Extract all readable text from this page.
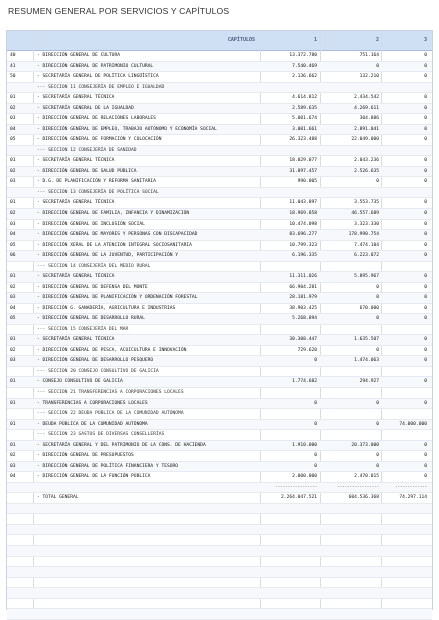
RESUMEN GENERAL POR SERVICIOS Y CAPÍTULOS
CAPÍTULOS	1	2	3
40	- DIRECCIÓN GENERAL DE CULTURA	13.372.780	751.164	0
41	- DIRECCIÓN GENERAL DE PATRIMONIO CULTURAL	7.540.469	0	0
50	- SECRETARÍA GENERAL DE POLÍTICA LINGÜÍSTICA	2.136.662	132.210	0
--- SECCION 11 CONSEJERÍA DE EMPLEO E IGUALDAD
01	- SECRETARÍA GENERAL TÉCNICA	4.614.812	2.434.542	0
02	- SECRETARÍA GENERAL DE LA IGUALDAD	2.589.635	4.269.611	0
03	- DIRECCIÓN GENERAL DE RELACIONES LABORALES	5.001.674	304.886	0
04	- DIRECCIÓN GENERAL DE EMPLEO, TRABAJO AUTÓNOMO Y ECONOMÍA SOCIAL	3.001.661	2.891.041	0
05	- DIRECCIÓN GENERAL DE FORMACIÓN Y COLOCACIÓN	26.323.488	22.049.000	0
--- SECCION 12 CONSEJERÍA DE SANIDAD
01	- SECRETARÍA GENERAL TÉCNICA	18.029.077	2.043.236	0
02	- DIRECCIÓN GENERAL DE SALUD PÚBLICA	31.897.457	2.526.635	0
03	- D.G. DE PLANIFICACIÓN Y REFORMA SANITARIA	990.005	0	0
--- SECCION 13 CONSEJERÍA DE POLÍTICA SOCIAL
01	- SECRETARÍA GENERAL TÉCNICA	11.043.897	3.553.735	0
02	- DIRECCIÓN GENERAL DE FAMILIA, INFANCIA Y DINAMIZACIÓN	18.969.858	46.557.689	0
03	- DIRECCIÓN GENERAL DE INCLUSIÓN SOCIAL	10.474.098	3.323.330	0
04	- DIRECCIÓN GENERAL DE MAYORES Y PERSONAS CON DISCAPACIDAD	83.696.277	178.990.754	0
05	- DIRECCIÓN XERAL DE LA ATENCIÓN INTEGRAL SOCIOSANITARIA	10.799.323	7.474.104	0
06	- DIRECCIÓN GENERAL DE LA JUVENTUD, PARTICIPACIÓN Y	6.196.335	6.223.072	0
--- SECCION 14 CONSEJERÍA DEL MEDIO RURAL
01	- SECRETARÍA GENERAL TÉCNICA	11.311.026	5.895.967	0
02	- DIRECCIÓN GENERAL DE DEFENSA DEL MONTE	66.904.281	0	0
03	- DIRECCIÓN GENERAL DE PLANIFICACIÓN Y ORDENACIÓN FORESTAL	28.181.979	0	0
04	- DIRECCIÓN G. GANADERÍA, AGRICULTURA E INDUSTRIAS	38.903.425	670.000	0
05	- DIRECCIÓN GENERAL DE DESARROLLO RURAL	5.268.894	0	0
--- SECCION 15 CONSEJERÍA DEL MAR
01	- SECRETARÍA GENERAL TÉCNICA	30.308.447	1.635.507	0
02	- DIRECCIÓN GENERAL DE PESCA, ACUICULTURA E INNOVACIÓN	729.620	0	0
03	- DIRECCIÓN GENERAL DE DESARROLLO PESQUERO	0	1.474.063	0
--- SECCION 20 CONSEJO CONSULTIVO DE GALICIA
01	- CONSEJO CONSULTIVO DE GALICIA	1.774.682	294.927	0
--- SECCION 21 TRANSFERENCIAS A CORPORACIONES LOCALES
01	- TRANSFERENCIAS A CORPORACIONES LOCALES	0	0	0
--- SECCION 22 DEUDA PÚBLICA DE LA COMUNIDAD AUTÓNOMA
01	- DEUDA PÚBLICA DE LA COMUNIDAD AUTÓNOMA	0	0	74.000.000
--- SECCION 23 GASTOS DE DIVERSAS CONSELLERÍAS
01	- SECRETARÍA GENERAL Y DEL PATRIMONIO DE LA CONS. DE HACIENDA	1.910.000	20.373.000	0
02	- DIRECCIÓN GENERAL DE PRESUPUESTOS	0	0	0
03	- DIRECCIÓN GENERAL DE POLÍTICA FINANCIERA Y TESORO	0	0	0
04	- DIRECCIÓN GENERAL DE LA FUNCIÓN PÚBLICA	2.000.000	2.470.015	0
-----------------	-----------------	-------------
- TOTAL GENERAL	2.264.047.521	604.536.368	74.297.114
